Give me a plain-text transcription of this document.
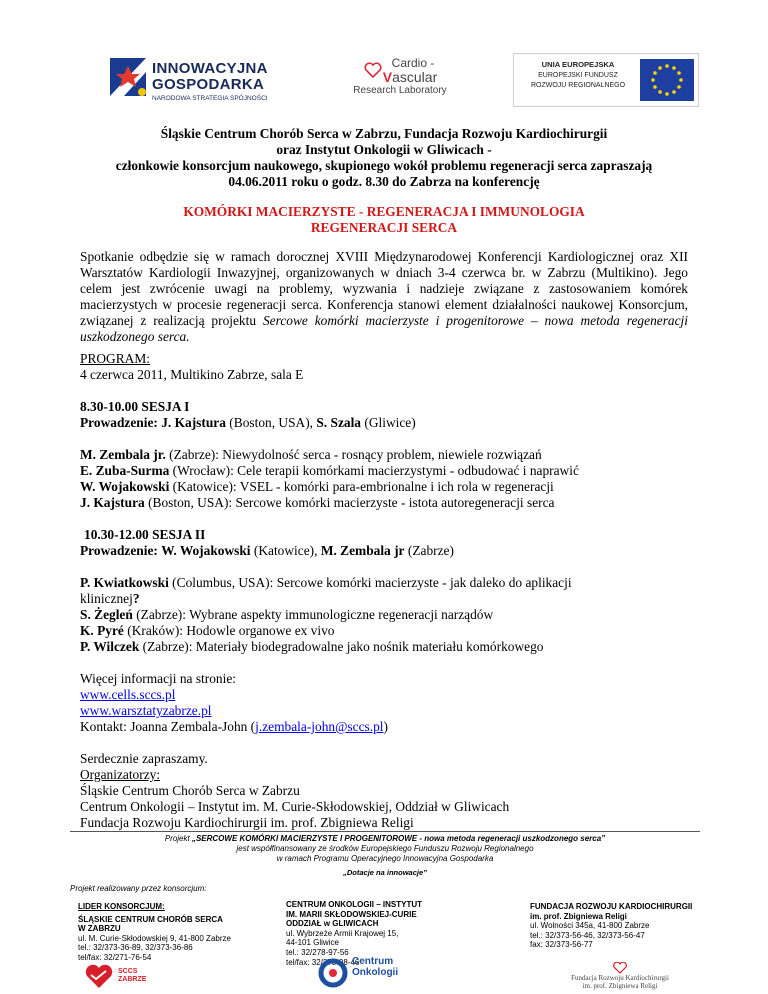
INNOWACYJNA
GOSPODARKA
NARODOWA STRATEGIA SPÓJNOŚCI
Cardio -
Vascular
Research Laboratory
UNIA EUROPEJSKA
EUROPEJSKI FUNDUSZ
ROZWOJU REGIONALNEGO
Śląskie Centrum Chorób Serca w Zabrzu, Fundacja Rozwoju Kardiochirurgii
oraz Instytut Onkologii w Gliwicach -
członkowie konsorcjum naukowego, skupionego wokół problemu regeneracji serca zapraszają
04.06.2011 roku o godz. 8.30 do Zabrza na konferencję
KOMÓRKI MACIERZYSTE - REGENERACJA I IMMUNOLOGIA
REGENERACJI SERCA
Spotkanie odbędzie się w ramach dorocznej XVIII Międzynarodowej Konferencji Kardiologicznej oraz XII Warsztatów Kardiologii Inwazyjnej, organizowanych w dniach 3-4 czerwca br. w Zabrzu (Multikino). Jego celem jest zwrócenie uwagi na problemy, wyzwania i nadzieje związane z zastosowaniem komórek macierzystych w procesie regeneracji serca. Konferencja stanowi element działalności naukowej Konsorcjum, związanej z realizacją projektu Sercowe komórki macierzyste i progenitorowe – nowa metoda regeneracji uszkodzonego serca.
PROGRAM:
4 czerwca 2011, Multikino Zabrze, sala E
8.30-10.00 SESJA I
Prowadzenie: J. Kajstura (Boston, USA), S. Szala (Gliwice)
M. Zembala jr. (Zabrze): Niewydolność serca - rosnący problem, niewiele rozwiązań
E. Zuba-Surma (Wrocław): Cele terapii komórkami macierzystymi - odbudować i naprawić
W. Wojakowski (Katowice): VSEL - komórki para-embrionalne i ich rola w regeneracji
J. Kajstura (Boston, USA): Sercowe komórki macierzyste - istota autoregeneracji serca
10.30-12.00 SESJA II
Prowadzenie: W. Wojakowski (Katowice), M. Zembala jr (Zabrze)
P. Kwiatkowski (Columbus, USA): Sercowe komórki macierzyste - jak daleko do aplikacji
klinicznej?
S. Żegleń (Zabrze): Wybrane aspekty immunologiczne regeneracji narządów
K. Pyré (Kraków): Hodowle organowe ex vivo
P. Wilczek (Zabrze): Materiały biodegradowalne jako nośnik materiału komórkowego
Więcej informacji na stronie:
www.cells.sccs.pl
www.warsztatyzabrze.pl
Kontakt: Joanna Zembala-John (j.zembala-john@sccs.pl)
Serdecznie zapraszamy.
Organizatorzy:
Śląskie Centrum Chorób Serca w Zabrzu
Centrum Onkologii – Instytut im. M. Curie-Skłodowskiej, Oddział w Gliwicach
Fundacja Rozwoju Kardiochirurgii im. prof. Zbigniewa Religi
Projekt „SERCOWE KOMÓRKI MACIERZYSTE I PROGENITOROWE - nowa metoda regeneracji uszkodzonego serca”
jest współfinansowany ze środków Europejskiego Funduszu Rozwoju Regionalnego
w ramach Programu Operacyjnego Innowacyjna Gospodarka
„Dotacje na innowacje”
Projekt realizowany przez konsorcjum:
LIDER KONSORCJUM:
ŚLĄSKIE CENTRUM CHORÓB SERCA
W ZABRZU
ul. M. Curie-Skłodowskiej 9, 41-800 Zabrze
tel.: 32/373-36-89, 32/373-36-86
tel/fax: 32/271-76-54
CENTRUM ONKOLOGII – INSTYTUT
IM. MARII SKŁODOWSKIEJ-CURIE
ODDZIAŁ w GLIWICACH
ul. Wybrzeże Armii Krajowej 15,
44-101 Gliwice
tel.: 32/278-97-56
tel/fax: 32/278-98-46
FUNDACJA ROZWOJU KARDIOCHIRURGII
im. prof. Zbigniewa Religi
ul. Wolności 345a, 41-800 Zabrze
tel.: 32/373-56-46, 32/373-56-47
fax: 32/373-56-77
SCCS ZABRZE
Centrum
Onkologii	Fundacja Rozwoju Kardiochirurgii
im. prof. Zbigniewa Religi
